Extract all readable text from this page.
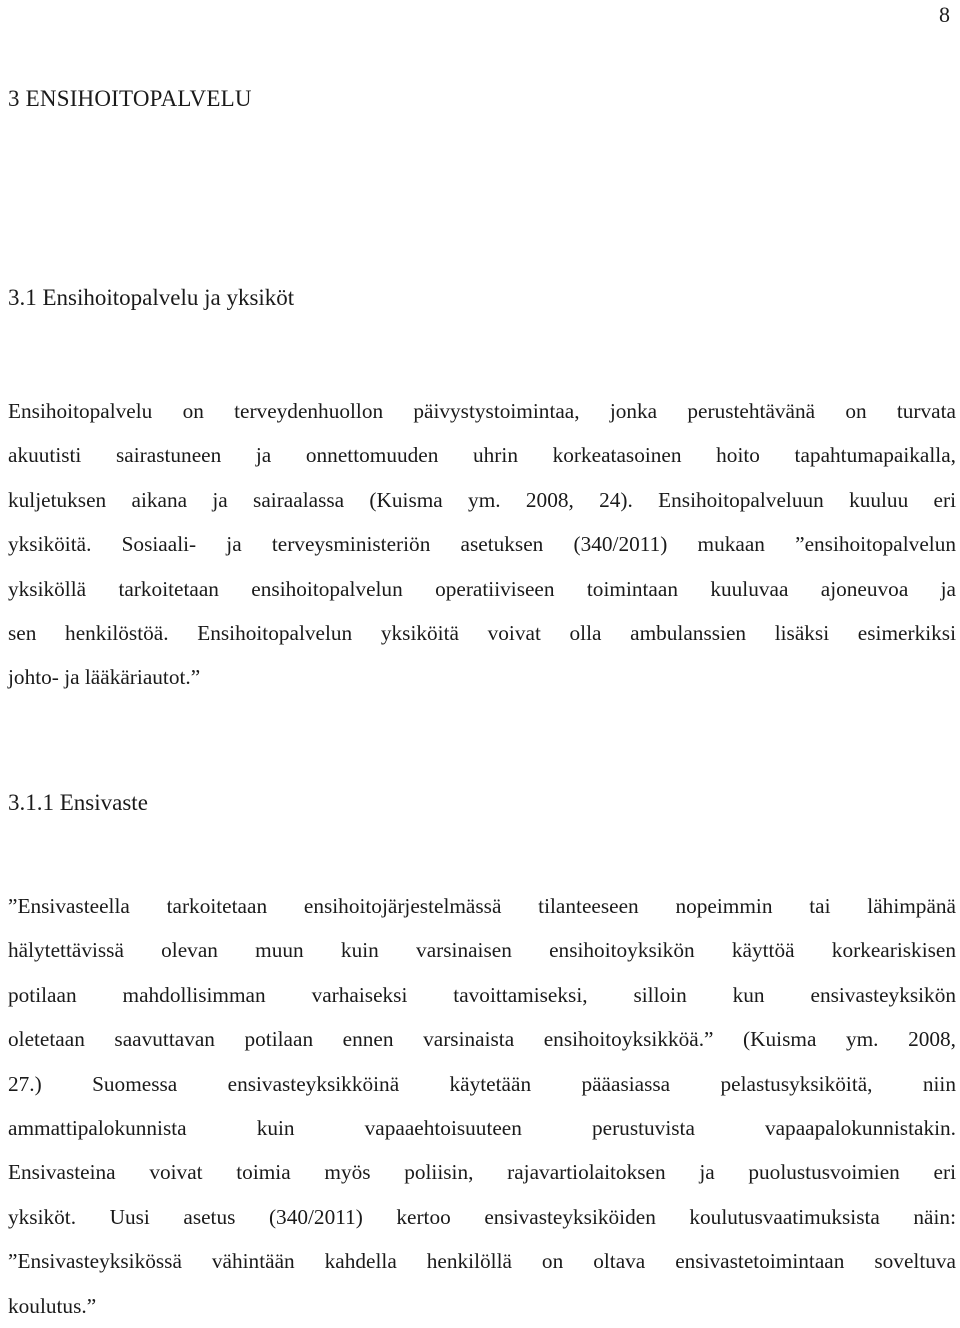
8
3 ENSIHOITOPALVELU
3.1 Ensihoitopalvelu ja yksiköt
Ensihoitopalvelu on terveydenhuollon päivystystoimintaa, jonka perustehtävänä on turvata
akuutisti sairastuneen ja onnettomuuden uhrin korkeatasoinen hoito tapahtumapaikalla,
kuljetuksen aikana ja sairaalassa (Kuisma ym. 2008, 24). Ensihoitopalveluun kuuluu eri
yksiköitä. Sosiaali- ja terveysministeriön asetuksen (340/2011) mukaan ”ensihoitopalvelun
yksiköllä tarkoitetaan ensihoitopalvelun operatiiviseen toimintaan kuuluvaa ajoneuvoa ja
sen henkilöstöä. Ensihoitopalvelun yksiköitä voivat olla ambulanssien lisäksi esimerkiksi
johto- ja lääkäriautot.”
3.1.1 Ensivaste
”Ensivasteella tarkoitetaan ensihoitojärjestelmässä tilanteeseen nopeimmin tai lähimpänä
hälytettävissä olevan muun kuin varsinaisen ensihoitoyksikön käyttöä korkeariskisen
potilaan mahdollisimman varhaiseksi tavoittamiseksi, silloin kun ensivasteyksikön
oletetaan saavuttavan potilaan ennen varsinaista ensihoitoyksikköä.” (Kuisma ym. 2008,
27.) Suomessa ensivasteyksikköinä käytetään pääasiassa pelastusyksiköitä, niin
ammattipalokunnista kuin vapaaehtoisuuteen perustuvista vapaapalokunnistakin.
Ensivasteina voivat toimia myös poliisin, rajavartiolaitoksen ja puolustusvoimien eri
yksiköt. Uusi asetus (340/2011) kertoo ensivasteyksiköiden koulutusvaatimuksista näin:
”Ensivasteyksikössä vähintään kahdella henkilöllä on oltava ensivastetoimintaan soveltuva
koulutus.”
